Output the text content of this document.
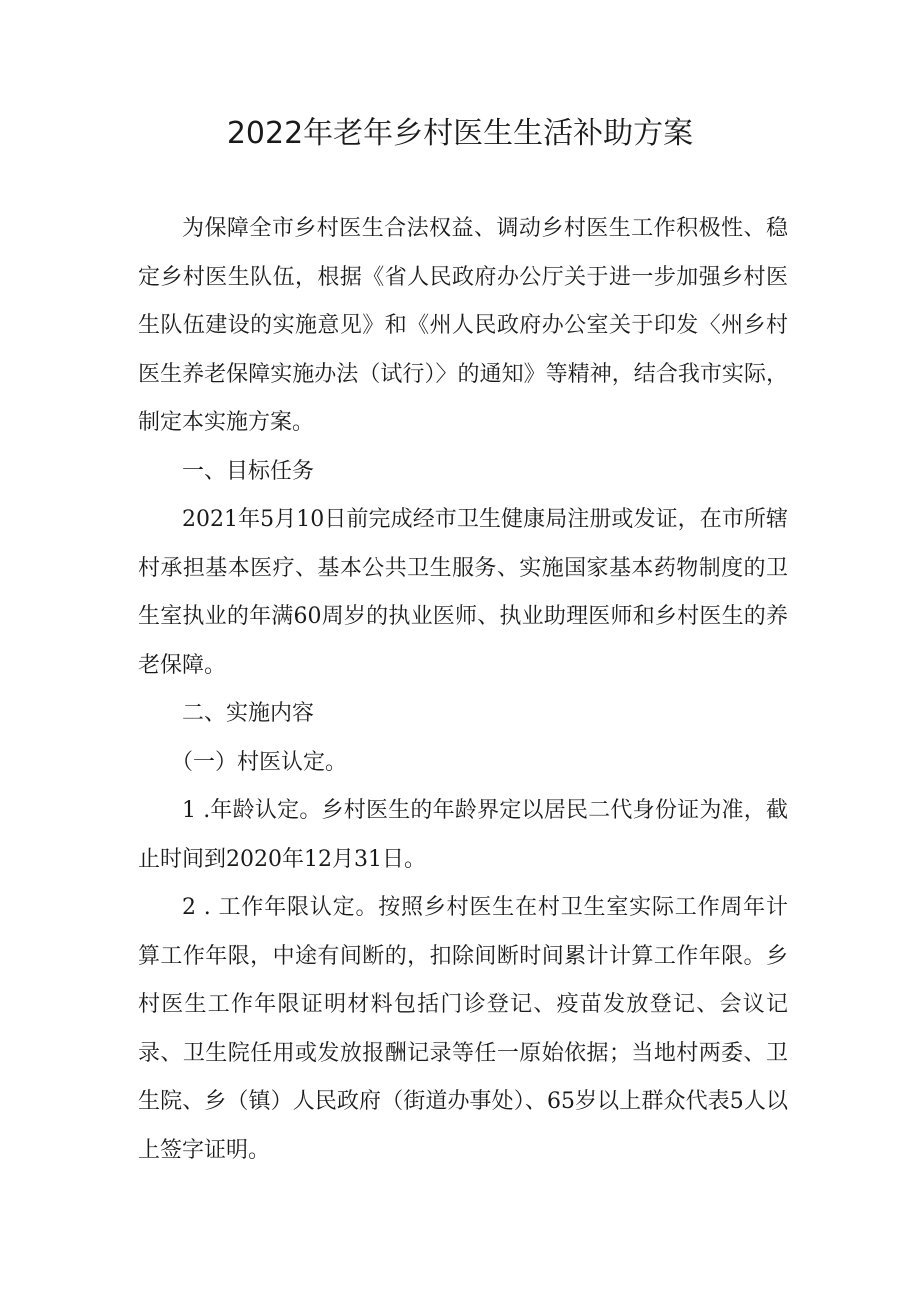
2022年老年乡村医生生活补助方案

为保障全市乡村医生合法权益、调动乡村医生工作积极性、稳定乡村医生队伍，根据《省人民政府办公厅关于进一步加强乡村医生队伍建设的实施意见》和《州人民政府办公室关于印发〈州乡村医生养老保障实施办法（试行）〉的通知》等精神，结合我市实际，制定本实施方案。

一、目标任务

2021年5月10日前完成经市卫生健康局注册或发证，在市所辖村承担基本医疗、基本公共卫生服务、实施国家基本药物制度的卫生室执业的年满60周岁的执业医师、执业助理医师和乡村医生的养老保障。

二、实施内容

（一）村医认定。

1 .年龄认定。乡村医生的年龄界定以居民二代身份证为准，截止时间到2020年12月31日。

2 . 工作年限认定。按照乡村医生在村卫生室实际工作周年计算工作年限，中途有间断的，扣除间断时间累计计算工作年限。乡村医生工作年限证明材料包括门诊登记、疫苗发放登记、会议记录、卫生院任用或发放报酬记录等任一原始依据；当地村两委、卫生院、乡（镇）人民政府（街道办事处）、65岁以上群众代表5人以上签字证明。
